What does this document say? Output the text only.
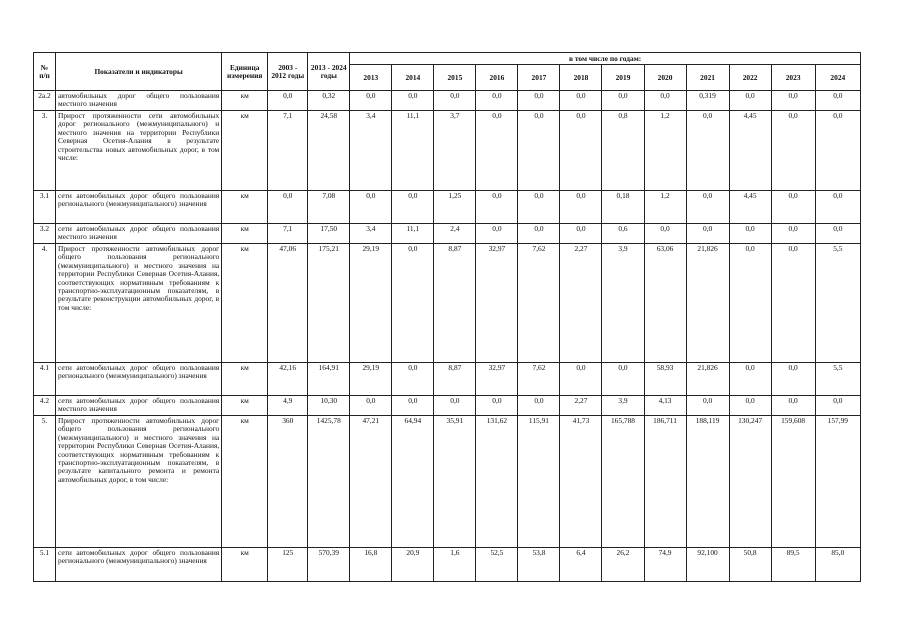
№
п/п	Показатели и индикаторы	Единица измерения	2003 - 2012 годы	2013 - 2024 годы	в том числе по годам:											
					2013	2014	2015	2016	2017	2018	2019	2020	2021	2022	2023	2024
2а.2	автомобильных дорог общего пользования местного значения	км	0,0	0,32	0,0	0,0	0,0	0,0	0,0	0,0	0,0	0,0	0,319	0,0	0,0	0,0
3.	Прирост протяженности сети автомобильных дорог регионального (межмуниципального) и местного значения на территории Республики Северная Осетия-Алания в результате строительства новых автомобильных дорог, в том числе:	км	7,1	24,58	3,4	11,1	3,7	0,0	0,0	0,0	0,8	1,2	0,0	4,45	0,0	0,0
3.1	сети автомобильных дорог общего пользования регионального (межмуниципального) значения	км	0,0	7,08	0,0	0,0	1,25	0,0	0,0	0,0	0,18	1,2	0,0	4,45	0,0	0,0
3.2	сети автомобильных дорог общего пользования местного значения	км	7,1	17,50	3,4	11,1	2,4	0,0	0,0	0,0	0,6	0,0	0,0	0,0	0,0	0,0
4.	Прирост протяженности автомобильных дорог общего пользования регионального (межмуниципального) и местного значения на территории Республики Северная Осетия-Алания, соответствующих нормативным требованиям к транспортно-эксплуатационным показателям, в результате реконструкции автомобильных дорог, в том числе:	км	47,06	175,21	29,19	0,0	8,87	32,97	7,62	2,27	3,9	63,06	21,826	0,0	0,0	5,5
4.1	сети автомобильных дорог общего пользования регионального (межмуниципального) значения	км	42,16	164,91	29,19	0,0	8,87	32,97	7,62	0,0	0,0	58,93	21,826	0,0	0,0	5,5
4.2	сети автомобильных дорог общего пользования местного значения	км	4,9	10,30	0,0	0,0	0,0	0,0	0,0	2,27	3,9	4,13	0,0	0,0	0,0	0,0
5.	Прирост протяженности автомобильных дорог общего пользования регионального (межмуниципального) и местного значения на территории Республики Северная Осетия-Алания, соответствующих нормативным требованиям к транспортно-эксплуатационным показателям, в результате капитального ремонта и ремонта автомобильных дорог, в том числе:	км	360	1425,78	47,21	64,94	35,91	131,62	115,91	41,73	165,788	186,711	188,119	130,247	159,608	157,99
5.1	сети автомобильных дорог общего пользования регионального (межмуниципального) значения	км	125	570,39	16,8	20,9	1,6	52,5	53,8	6,4	26,2	74,9	92,100	50,8	89,5	85,0
